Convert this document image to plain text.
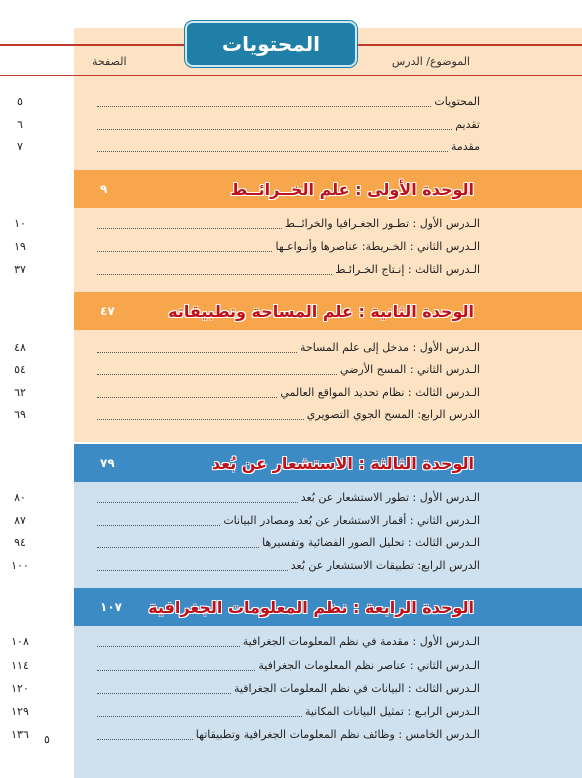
المحتويات
الموضوع/ الدرس
الصفحة
المحتويات
٥
تقديم
٦
مقدمة
٧
الوحدة الأولى : علم الخــرائــط
٩
الـدرس الأول : تطـور الجغـرافيا والخرائــط
١٠
الـدرس الثاني : الخـريطة: عناصرها وأنـواعـها
١٩
الـدرس الثالث : إنـتاج الخـرائـط
٣٧
الوحدة الثانية : علم المساحة وتطبيقاته
٤٧
الـدرس الأول : مدخل إلى علم المساحة
٤٨
الـدرس الثاني : المسح الأرضي
٥٤
الـدرس الثالث : نظام تحديد المواقع العالمي
٦٢
الدرس الرابع: المسح الجوي التصويري
٦٩
الوحدة الثالثة : الاستشعار عن بُعد
٧٩
الـدرس الأول : تطور الاستشعار عن بُعد
٨٠
الـدرس الثاني : أقمار الاستشعار عن بُعد ومصادر البيانات
٨٧
الـدرس الثالث : تحليل الصور الفضائية وتفسيرها
٩٤
الدرس الرابع: تطبيقات الاستشعار عن بُعد
١٠٠
الوحدة الرابعة : نظم المعلومات الجغرافية
١٠٧
الـدرس الأول : مقدمة في نظم المعلومات الجغرافية
١٠٨
الـدرس الثاني : عناصر نظم المعلومات الجغرافية
١١٤
الـدرس الثالث : البيانات في نظم المعلومات الجغرافية
١٢٠
الـدرس الرابـع : تمثيل البيانات المكانية
١٢٩
الـدرس الخامس : وظائف نظم المعلومات الجغرافية وتطبيقاتها
١٣٦ ٥
